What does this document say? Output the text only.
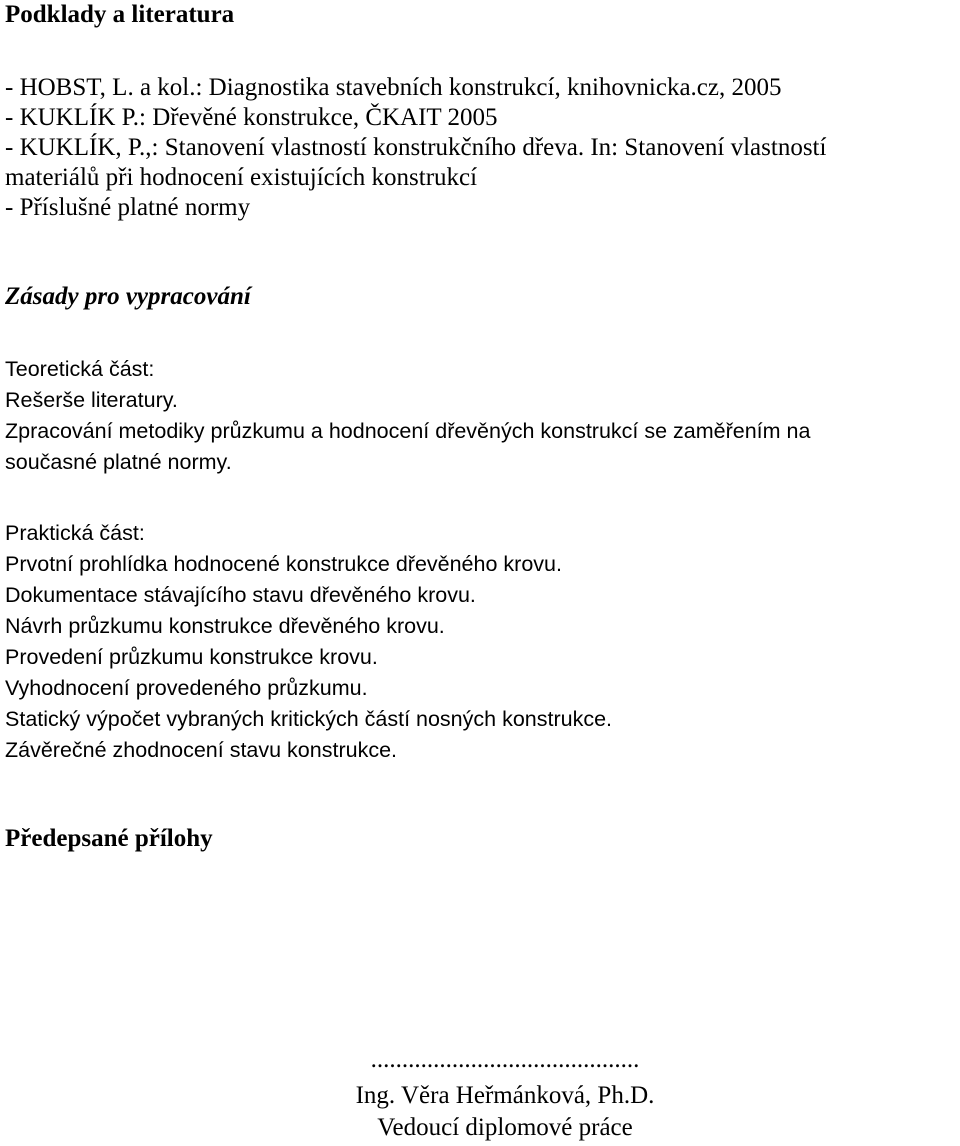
Podklady a literatura
- HOBST, L. a kol.: Diagnostika stavebních konstrukcí, knihovnicka.cz, 2005
- KUKLÍK P.: Dřevěné konstrukce, ČKAIT 2005
- KUKLÍK, P.,: Stanovení vlastností konstrukčního dřeva. In: Stanovení vlastností
materiálů při hodnocení existujících konstrukcí
- Příslušné platné normy
Zásady pro vypracování
Teoretická část:
Rešerše literatury.
Zpracování metodiky průzkumu a hodnocení dřevěných konstrukcí se zaměřením na
současné platné normy.
Praktická část:
Prvotní prohlídka hodnocené konstrukce dřevěného krovu.
Dokumentace stávajícího stavu dřevěného krovu.
Návrh průzkumu konstrukce dřevěného krovu.
Provedení průzkumu konstrukce krovu.
Vyhodnocení provedeného průzkumu.
Statický výpočet vybraných kritických částí nosných konstrukce.
Závěrečné zhodnocení stavu konstrukce.
Předepsané přílohy
...........................................
Ing. Věra Heřmánková, Ph.D.
Vedoucí diplomové práce
